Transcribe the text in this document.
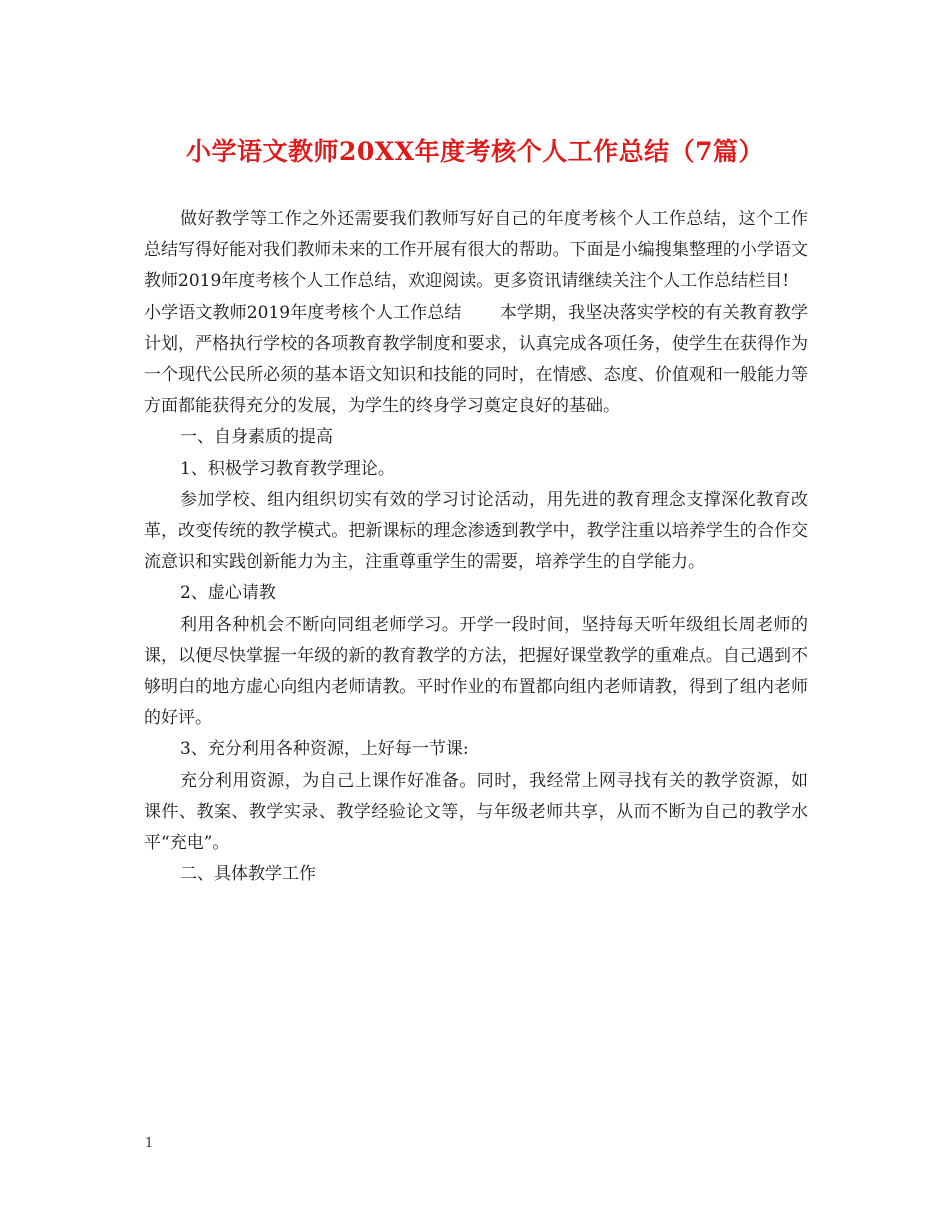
小学语文教师20XX年度考核个人工作总结（7篇）

做好教学等工作之外还需要我们教师写好自己的年度考核个人工作总结，这个工作总结写得好能对我们教师未来的工作开展有很大的帮助。下面是小编搜集整理的小学语文教师2019年度考核个人工作总结，欢迎阅读。更多资讯请继续关注个人工作总结栏目!

小学语文教师2019年度考核个人工作总结 本学期，我坚决落实学校的有关教育教学计划，严格执行学校的各项教育教学制度和要求，认真完成各项任务，使学生在获得作为一个现代公民所必须的基本语文知识和技能的同时，在情感、态度、价值观和一般能力等方面都能获得充分的发展，为学生的终身学习奠定良好的基础。

一、自身素质的提高

1、积极学习教育教学理论。

参加学校、组内组织切实有效的学习讨论活动，用先进的教育理念支撑深化教育改革，改变传统的教学模式。把新课标的理念渗透到教学中，教学注重以培养学生的合作交流意识和实践创新能力为主，注重尊重学生的需要，培养学生的自学能力。

2、虚心请教

利用各种机会不断向同组老师学习。开学一段时间，坚持每天听年级组长周老师的课，以便尽快掌握一年级的新的教育教学的方法，把握好课堂教学的重难点。自己遇到不够明白的地方虚心向组内老师请教。平时作业的布置都向组内老师请教，得到了组内老师的好评。

3、充分利用各种资源，上好每一节课:

充分利用资源，为自己上课作好准备。同时，我经常上网寻找有关的教学资源，如课件、教案、教学实录、教学经验论文等，与年级老师共享，从而不断为自己的教学水平“充电”。

二、具体教学工作

1
